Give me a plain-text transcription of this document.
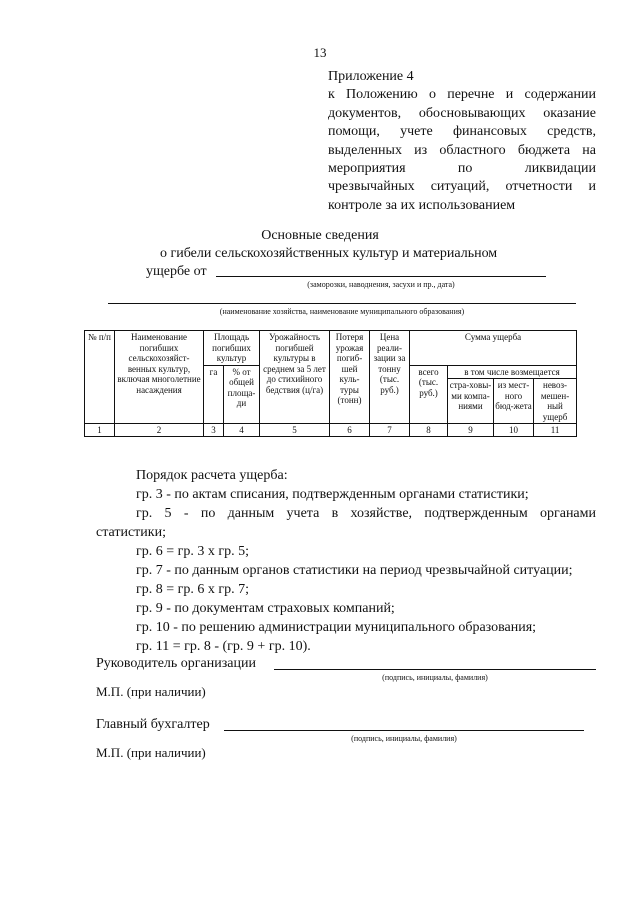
13
Приложение 4
к Положению о перечне и содержании
документов, обосновывающих оказание
помощи, учете финансовых средств,
выделенных из областного бюджета на
мероприятия	по	ликвидации
чрезвычайных ситуаций, отчетности и
контроле за их использованием
Основные сведения
о гибели сельскохозяйственных культур и материальном
ущербе от
(заморозки, наводнения, засухи и пр., дата)
(наименование хозяйства, наименование муниципального образования)
№ п/п	Наименование погибших сельскохозяйст-венных культур, включая многолетние насаждения	Площадь погибших культур		Урожайность погибшей культуры в среднем за 5 лет до стихийного бедствия (ц/га)	Потеря урожая погиб-шей куль-туры (тонн)	Цена реали-зации за тонну (тыс. руб.)	Сумма ущерба			
		га	% от общей площа-ди				всего (тыс. руб.)	в том числе возмещается		
								стра-ховы-ми компа-ниями	из мест-ного бюд-жета	невоз-мешен-ный ущерб
1	2	3	4	5	6	7	8	9	10	11

Порядок расчета ущерба:

гр. 3 - по актам списания, подтвержденным органами статистики;

гр. 5 - по данным учета в хозяйстве, подтвержденным органами

статистики;

гр. 6 = гр. 3 х гр. 5;

гр. 7 - по данным органов статистики на период чрезвычайной ситуации;

гр. 8 = гр. 6 х гр. 7;

гр. 9 - по документам страховых компаний;

гр. 10 - по решению администрации муниципального образования;

гр. 11 = гр. 8 - (гр. 9 + гр. 10).

Руководитель организации
(подпись, инициалы, фамилия)
М.П. (при наличии)
Главный бухгалтер
(подпись, инициалы, фамилия)
М.П. (при наличии)
